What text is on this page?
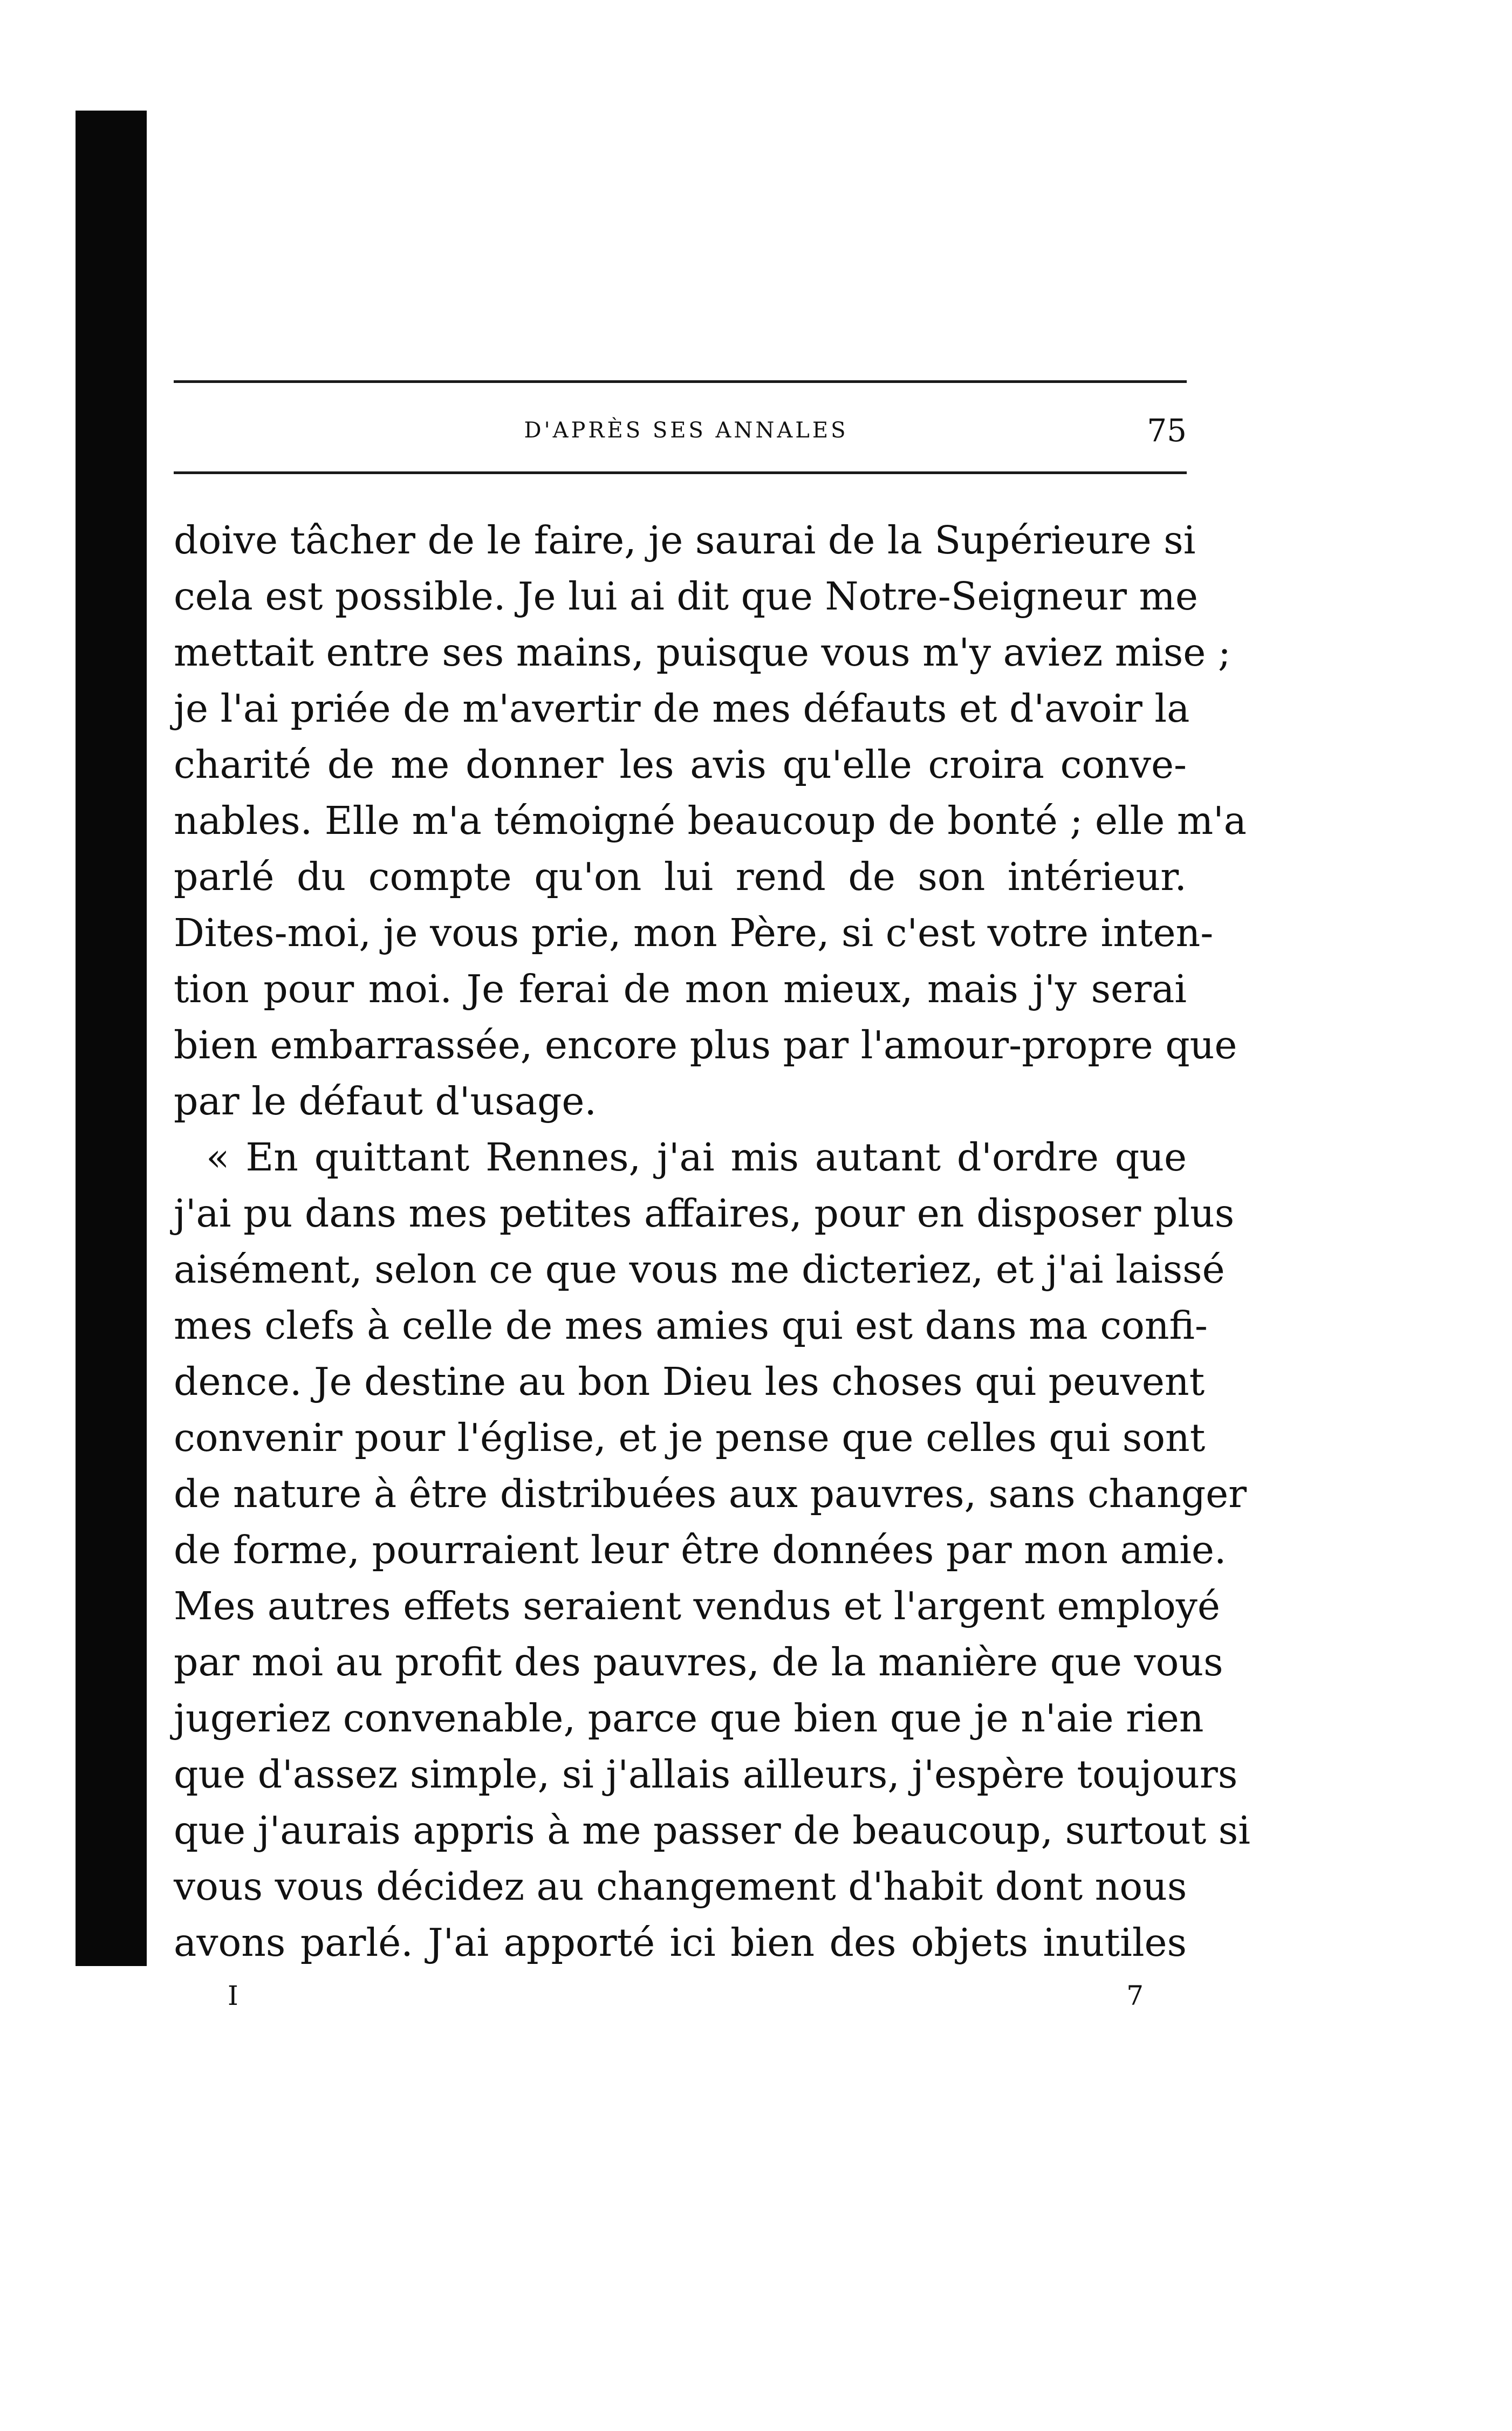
D'APRÈS SES ANNALES	75
doive tâcher de le faire, je saurai de la Supérieure si
cela est possible. Je lui ai dit que Notre-Seigneur me
mettait entre ses mains, puisque vous m'y aviez mise ;
je l'ai priée de m'avertir de mes défauts et d'avoir la
charité de me donner les avis qu'elle croira conve-
nables. Elle m'a témoigné beaucoup de bonté ; elle m'a
parlé du compte qu'on lui rend de son intérieur.
Dites-moi, je vous prie, mon Père, si c'est votre inten-
tion pour moi. Je ferai de mon mieux, mais j'y serai
bien embarrassée, encore plus par l'amour-propre que
par le défaut d'usage.
« En quittant Rennes, j'ai mis autant d'ordre que
j'ai pu dans mes petites affaires, pour en disposer plus
aisément, selon ce que vous me dicteriez, et j'ai laissé
mes clefs à celle de mes amies qui est dans ma confi-
dence. Je destine au bon Dieu les choses qui peuvent
convenir pour l'église, et je pense que celles qui sont
de nature à être distribuées aux pauvres, sans changer
de forme, pourraient leur être données par mon amie.
Mes autres effets seraient vendus et l'argent employé
par moi au profit des pauvres, de la manière que vous
jugeriez convenable, parce que bien que je n'aie rien
que d'assez simple, si j'allais ailleurs, j'espère toujours
que j'aurais appris à me passer de beaucoup, surtout si
vous vous décidez au changement d'habit dont nous
avons parlé. J'ai apporté ici bien des objets inutiles
I	7
